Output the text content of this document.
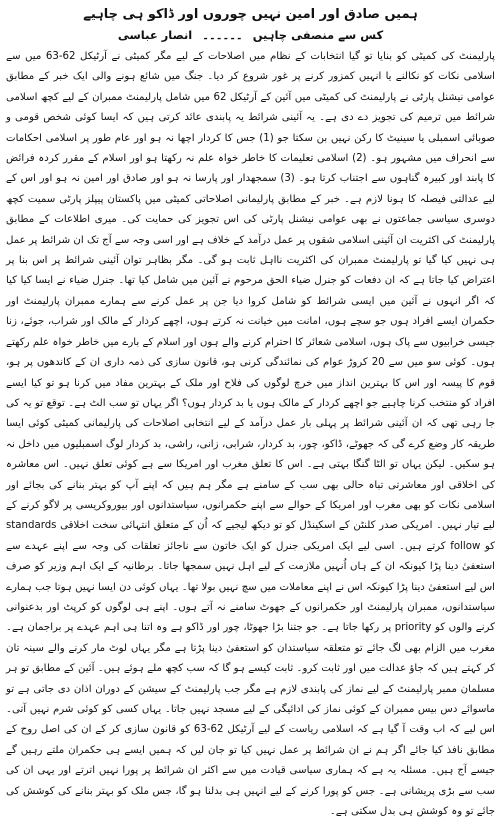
ہمیں صادق اور امین نہیں چوروں اور ڈاکو ہی چاہیے
کس سے منصفی چاہیں ۔۔۔۔۔۔ انصار عباسی

پارلیمنٹ کی کمیٹی کو بنایا تو گیا انتخابات کے نظام میں اصلاحات کے لیے مگر کمیٹی نے آرٹیکل 62-63 میں سے اسلامی نکات کو نکالنے یا انہیں کمزور کرنے پر غور شروع کر دیا۔ جنگ میں شائع ہونے والی ایک خبر کے مطابق عوامی نیشنل پارٹی نے پارلیمنٹ کی کمیٹی میں آئین کے آرٹیکل 62 میں شامل پارلیمنٹ ممبران کے لیے کچھ اسلامی شرائط میں ترمیم کی تجویز دے دی ہے۔ یہ آئینی شرائط یہ پابندی عائد کرتی ہیں کہ ایسا کوئی شخص قومی و صوبائی اسمبلی یا سینیٹ کا رکن نہیں بن سکتا جو (1) جس کا کردار اچھا نہ ہو اور عام طور پر اسلامی احکامات سے انحراف میں مشہور ہو۔ (2) اسلامی تعلیمات کا خاطر خواہ علم نہ رکھتا ہو اور اسلام کے مقرر کردہ فرائض کا پابند اور کبیرہ گناہوں سے اجتناب کرتا ہو۔ (3) سمجھدار اور پارسا نہ ہو اور صادق اور امین نہ ہو اور اس کے لیے عدالتی فیصلہ کا ہونا لازم ہے۔

خبر کے مطابق پارلیمانی اصلاحاتی کمیٹی میں پاکستان پیپلز پارٹی سمیت کچھ دوسری سیاسی جماعتوں نے بھی عوامی نیشنل پارٹی کی اس تجویز کی حمایت کی۔ میری اطلاعات کے مطابق پارلیمنٹ کی اکثریت ان آئینی اسلامی شقوں پر عمل درآمد کے خلاف ہے اور اسی وجہ سے آج تک ان شرائط پر عمل ہی نہیں کیا گیا تو پارلیمنٹ ممبران کی اکثریت نااہل ثابت ہو گی۔ مگر بظاہر توان آئینی شرائط پر اس بنا پر اعتراض کیا جاتا ہے کہ ان دفعات کو جنرل ضیاء الحق مرحوم نے آئین میں شامل کیا تھا۔ جنرل ضیاء نے ایسا کیا کیا کہ اگر انہوں نے آئین میں ایسی شرائط کو شامل کروا دیا جن پر عمل کرنے سے ہمارے ممبران پارلیمنٹ اور حکمران ایسے افراد ہوں جو سچے ہوں، امانت میں خیانت نہ کرتے ہوں، اچھے کردار کے مالک اور شراب، جوئے، زنا جیسی خرابیوں سے پاک ہوں، اسلامی شعائر کا احترام کرنے والے ہوں اور اسلام کے بارے میں خاطر خواہ علم رکھتے ہوں۔

کوئی سو میں سے 20 کروڑ عوام کی نمائندگی کرنی ہو، قانون سازی کی ذمہ داری ان کے کاندھوں پر ہو، قوم کا پیسہ اور اس کا بہترین انداز میں خرچ لوگوں کی فلاح اور ملک کے بہترین مفاد میں کرنا ہو تو کیا ایسے افراد کو منتخب کرنا چاہیے جو اچھے کردار کے مالک ہوں یا بد کردار ہوں؟ اگر یہاں تو سب الٹ ہے۔ توقع تو یہ کی جا رہی تھی کہ ان آئینی شرائط پر پہلی بار عمل درآمد کے لیے انتخابی اصلاحات کی پارلیمانی کمیٹی کوئی ایسا طریقہ کار وضع کرے گی کہ جھوٹے، ڈاکو، چور، بد کردار، شرابی، زانی، راشی، بد کردار لوگ اسمبلیوں میں داخل نہ ہو سکیں۔ لیکن یہاں تو الٹا گنگا بہتی ہے۔ اس کا تعلق مغرب اور امریکا سے ہے کوئی تعلق نہیں۔

اس معاشرہ کی اخلاقی اور معاشرتی تباہ حالی بھی سب کے سامنے ہے مگر ہم ہیں کہ اپنے آپ کو بہتر بنانے کی بجائے اور اسلامی نکات کو بھی مغرب اور امریکا کے حوالے سے اپنے حکمرانوں، سیاستدانوں اور بیوروکریسی پر لاگو کرنے کے لیے تیار نہیں۔ امریکی صدر کلنٹن کے اسکینڈل کو تو دیکھ لیجیے کہ اُن کے متعلق انتہائی سخت اخلاقی standards کو follow کرتے ہیں۔ اسی لیے ایک امریکی جنرل کو ایک خاتون سے ناجائز تعلقات کی وجہ سے اپنے عہدے سے استعفیٰ دینا پڑا کیونکہ ان کے ہاں اُنہیں ملازمت کے لیے اہل نہیں سمجھا جاتا۔ برطانیہ کے ایک اہم وزیر کو صرف اس لیے استعفیٰ دینا پڑا کیونکہ اس نے اپنے معاملات میں سچ نہیں بولا تھا۔

یہاں کوئی دن ایسا نہیں ہوتا جب ہمارے سیاستدانوں، ممبران پارلیمنٹ اور حکمرانوں کے جھوٹ سامنے نہ آتے ہوں۔ اپنے ہی لوگوں کو کرپٹ اور بدعنوانی کرنے والوں کو priority پر رکھا جاتا ہے۔ جو جتنا بڑا جھوٹا، چور اور ڈاکو ہے وہ اتنا ہی اہم عہدے پر براجمان ہے۔ مغرب میں الزام بھی لگ جائے تو متعلقہ سیاستدان کو استعفیٰ دینا پڑتا ہے مگر یہاں لوٹ مار کرنے والے سینہ تان کر کہتے ہیں کہ جاؤ عدالت میں اور ثابت کرو۔

ثابت کیسے ہو گا کہ سب کچھ ملے ہوئے ہیں۔ آئین کے مطابق تو ہر مسلمان ممبر پارلیمنٹ کے لیے نماز کی پابندی لازم ہے مگر جب پارلیمنٹ کے سیشن کے دوران اذان دی جاتی ہے تو ماسوائے دس بیس ممبران کے کوئی نماز کی ادائیگی کے لیے مسجد نہیں جاتا۔ یہاں کسی کو کوئی شرم نہیں آتی۔ اس لیے کہ اب وقت آ گیا ہے کہ اسلامی ریاست کے لیے آرٹیکل 62-63 کو قانون سازی کر کے ان کی اصل روح کے مطابق نافذ کیا جائے اگر ہم نے ان شرائط پر عمل نہیں کیا تو جان لیں کہ ہمیں ایسے ہی حکمران ملتے رہیں گے جیسے آج ہیں۔ مسئلہ یہ ہے کہ ہماری سیاسی قیادت میں سے اکثر ان شرائط پر پورا نہیں اترتے اور یہی ان کی سب سے بڑی پریشانی ہے۔ جس کو پورا کرنے کے لیے انہیں ہی بدلنا ہو گا، جس ملک کو بہتر بنانے کی کوشش کی جائے تو وہ کوشش ہی بدل سکتی ہے۔
